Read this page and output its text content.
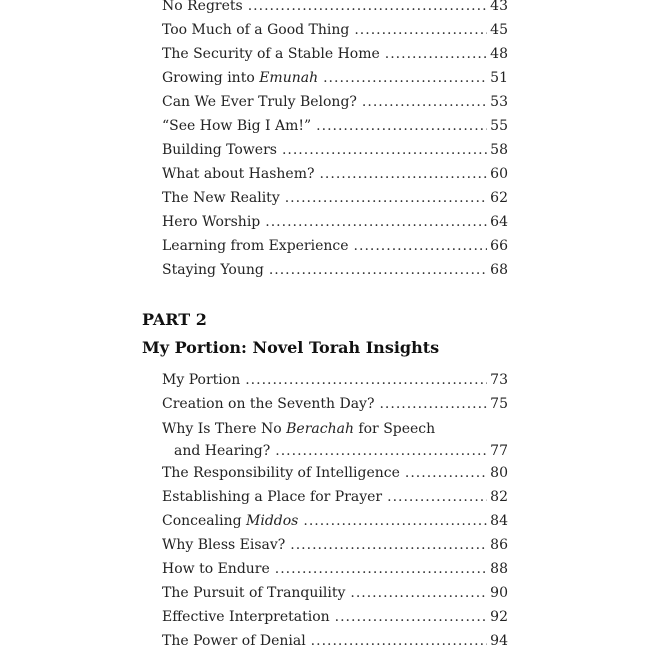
No Regrets .....	43
Too Much of a Good Thing .....	45
The Security of a Stable Home .....	48
Growing into Emunah .....	51
Can We Ever Truly Belong? .....	53
“See How Big I Am!” .....	55
Building Towers .....	58
What about Hashem? .....	60
The New Reality .....	62
Hero Worship .....	64
Learning from Experience .....	66
Staying Young .....	68
PART 2
My Portion: Novel Torah Insights
My Portion .....	73
Creation on the Seventh Day? .....	75
Why Is There No Berachah for Speech
and Hearing? .....	77
The Responsibility of Intelligence .....	80
Establishing a Place for Prayer .....	82
Concealing Middos .....	84
Why Bless Eisav? .....	86
How to Endure .....	88
The Pursuit of Tranquility .....	90
Effective Interpretation .....	92
The Power of Denial .....	94
